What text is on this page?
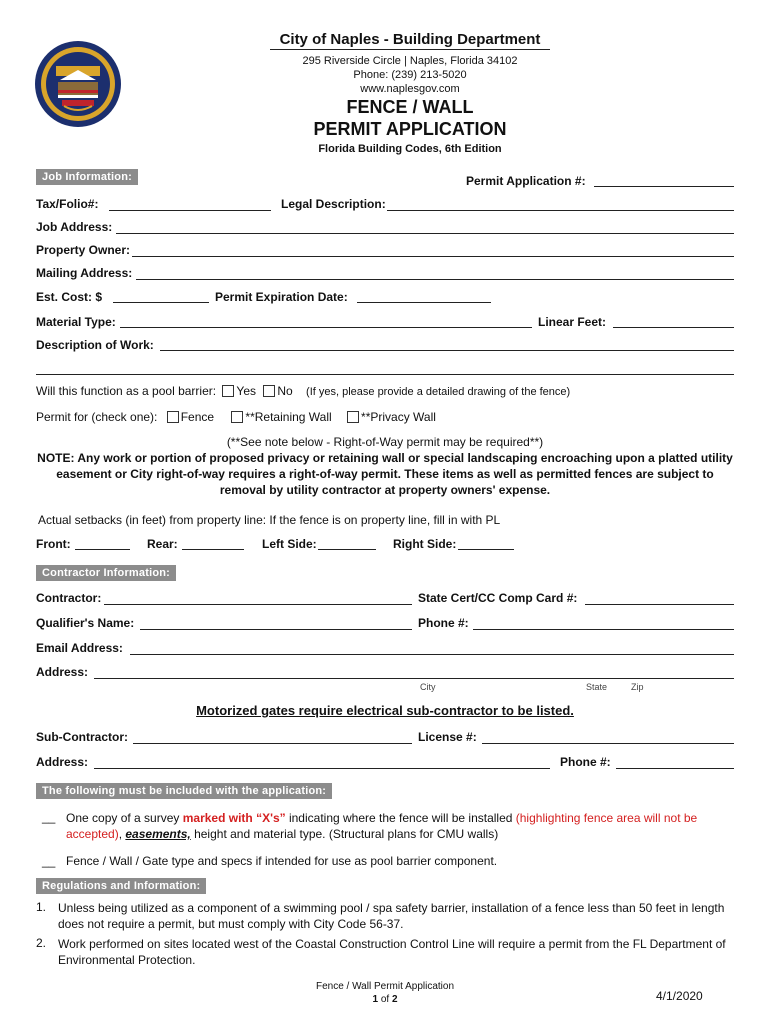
City of Naples - Building Department
295 Riverside Circle | Naples, Florida 34102
Phone: (239) 213-5020
www.naplesgov.com
FENCE / WALL
PERMIT APPLICATION
Florida Building Codes, 6th Edition
Job Information:	Permit Application #:
Tax/Folio#:	Legal Description:
Job Address:
Property Owner:
Mailing Address:
Est. Cost: $	Permit Expiration Date:
Material Type:	Linear Feet:
Description of Work:
Will this function as a pool barrier: Yes No (If yes, please provide a detailed drawing of the fence)
Permit for (check one): Fence	**Retaining Wall **Privacy Wall
(**See note below - Right-of-Way permit may be required**)
NOTE: Any work or portion of proposed privacy or retaining wall or special landscaping encroaching upon a platted utility easement or City right-of-way requires a right-of-way permit. These items as well as permitted fences are subject to removal by utility contractor at property owners' expense.
Actual setbacks (in feet) from property line: If the fence is on property line, fill in with PL
Front:	Rear:	Left Side:	Right Side:
Contractor Information:
Contractor:	State Cert/CC Comp Card #:
Qualifier's Name:	Phone #:
Email Address:
Address:
City	State	Zip
Motorized gates require electrical sub-contractor to be listed.
Sub-Contractor:	License #:
Address:	Phone #:
The following must be included with the application:
__ One copy of a survey marked with “X's” indicating where the fence will be installed (highlighting fence area will not be accepted), easements, height and material type. (Structural plans for CMU walls)
__ Fence / Wall / Gate type and specs if intended for use as pool barrier component.
Regulations and Information:
1. Unless being utilized as a component of a swimming pool / spa safety barrier, installation of a fence less than 50 feet in length does not require a permit, but must comply with City Code 56-37.
2. Work performed on sites located west of the Coastal Construction Control Line will require a permit from the FL Department of Environmental Protection.
Fence / Wall Permit Application
1 of 2	4/1/2020
